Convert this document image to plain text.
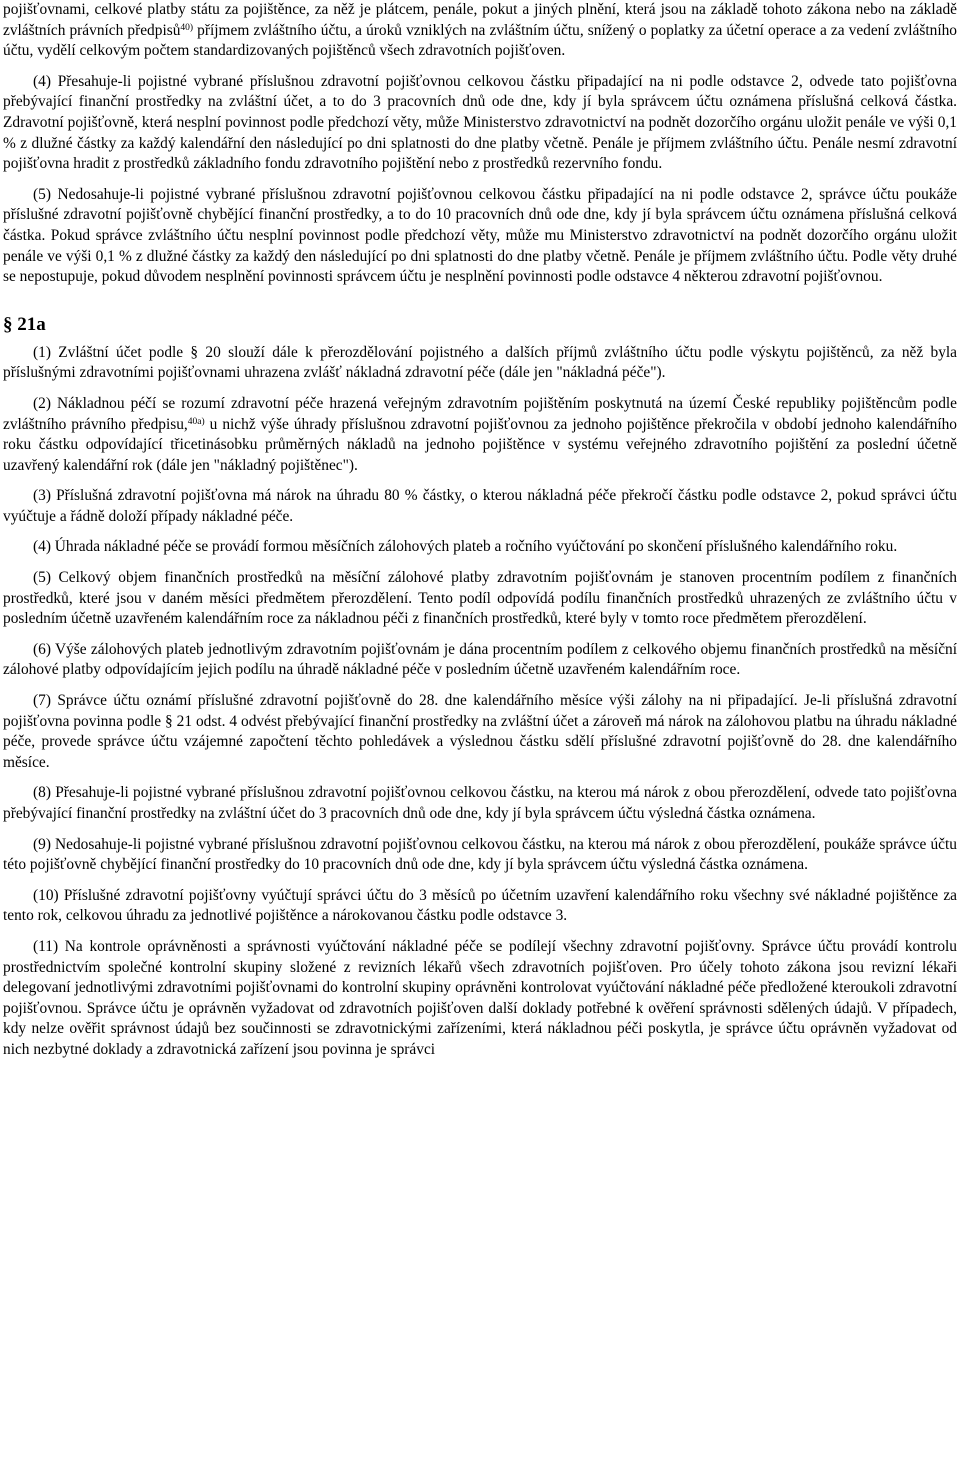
pojišťovnami, celkové platby státu za pojištěnce, za něž je plátcem, penále, pokut a jiných plnění, která jsou na základě tohoto zákona nebo na základě zvláštních právních předpisů$^{40)}$ příjmem zvláštního účtu, a úroků vzniklých na zvláštním účtu, snížený o poplatky za účetní operace a za vedení zvláštního účtu, vydělí celkovým počtem standardizovaných pojištěnců všech zdravotních pojišťoven.

(4) Přesahuje-li pojistné vybrané příslušnou zdravotní pojišťovnou celkovou částku připadající na ni podle odstavce 2, odvede tato pojišťovna přebývající finanční prostředky na zvláštní účet, a to do 3 pracovních dnů ode dne, kdy jí byla správcem účtu oznámena příslušná celková částka. Zdravotní pojišťovně, která nesplní povinnost podle předchozí věty, může Ministerstvo zdravotnictví na podnět dozorčího orgánu uložit penále ve výši 0,1 % z dlužné částky za každý kalendářní den následující po dni splatnosti do dne platby včetně. Penále je příjmem zvláštního účtu. Penále nesmí zdravotní pojišťovna hradit z prostředků základního fondu zdravotního pojištění nebo z prostředků rezervního fondu.

(5) Nedosahuje-li pojistné vybrané příslušnou zdravotní pojišťovnou celkovou částku připadající na ni podle odstavce 2, správce účtu poukáže příslušné zdravotní pojišťovně chybějící finanční prostředky, a to do 10 pracovních dnů ode dne, kdy jí byla správcem účtu oznámena příslušná celková částka. Pokud správce zvláštního účtu nesplní povinnost podle předchozí věty, může mu Ministerstvo zdravotnictví na podnět dozorčího orgánu uložit penále ve výši 0,1 % z dlužné částky za každý den následující po dni splatnosti do dne platby včetně. Penále je příjmem zvláštního účtu. Podle věty druhé se nepostupuje, pokud důvodem nesplnění povinnosti správcem účtu je nesplnění povinnosti podle odstavce 4 některou zdravotní pojišťovnou.

§ 21a

(1) Zvláštní účet podle § 20 slouží dále k přerozdělování pojistného a dalších příjmů zvláštního účtu podle výskytu pojištěnců, za něž byla příslušnými zdravotními pojišťovnami uhrazena zvlášť nákladná zdravotní péče (dále jen "nákladná péče").

(2) Nákladnou péčí se rozumí zdravotní péče hrazená veřejným zdravotním pojištěním poskytnutá na území České republiky pojištěncům podle zvláštního právního předpisu,$^{40a)}$ u nichž výše úhrady příslušnou zdravotní pojišťovnou za jednoho pojištěnce překročila v období jednoho kalendářního roku částku odpovídající třicetinásobku průměrných nákladů na jednoho pojištěnce v systému veřejného zdravotního pojištění za poslední účetně uzavřený kalendářní rok (dále jen "nákladný pojištěnec").

(3) Příslušná zdravotní pojišťovna má nárok na úhradu 80 % částky, o kterou nákladná péče překročí částku podle odstavce 2, pokud správci účtu vyúčtuje a řádně doloží případy nákladné péče.

(4) Úhrada nákladné péče se provádí formou měsíčních zálohových plateb a ročního vyúčtování po skončení příslušného kalendářního roku.

(5) Celkový objem finančních prostředků na měsíční zálohové platby zdravotním pojišťovnám je stanoven procentním podílem z finančních prostředků, které jsou v daném měsíci předmětem přerozdělení. Tento podíl odpovídá podílu finančních prostředků uhrazených ze zvláštního účtu v posledním účetně uzavřeném kalendářním roce za nákladnou péči z finančních prostředků, které byly v tomto roce předmětem přerozdělení.

(6) Výše zálohových plateb jednotlivým zdravotním pojišťovnám je dána procentním podílem z celkového objemu finančních prostředků na měsíční zálohové platby odpovídajícím jejich podílu na úhradě nákladné péče v posledním účetně uzavřeném kalendářním roce.

(7) Správce účtu oznámí příslušné zdravotní pojišťovně do 28. dne kalendářního měsíce výši zálohy na ni připadající. Je-li příslušná zdravotní pojišťovna povinna podle § 21 odst. 4 odvést přebývající finanční prostředky na zvláštní účet a zároveň má nárok na zálohovou platbu na úhradu nákladné péče, provede správce účtu vzájemné započtení těchto pohledávek a výslednou částku sdělí příslušné zdravotní pojišťovně do 28. dne kalendářního měsíce.

(8) Přesahuje-li pojistné vybrané příslušnou zdravotní pojišťovnou celkovou částku, na kterou má nárok z obou přerozdělení, odvede tato pojišťovna přebývající finanční prostředky na zvláštní účet do 3 pracovních dnů ode dne, kdy jí byla správcem účtu výsledná částka oznámena.

(9) Nedosahuje-li pojistné vybrané příslušnou zdravotní pojišťovnou celkovou částku, na kterou má nárok z obou přerozdělení, poukáže správce účtu této pojišťovně chybějící finanční prostředky do 10 pracovních dnů ode dne, kdy jí byla správcem účtu výsledná částka oznámena.

(10) Příslušné zdravotní pojišťovny vyúčtují správci účtu do 3 měsíců po účetním uzavření kalendářního roku všechny své nákladné pojištěnce za tento rok, celkovou úhradu za jednotlivé pojištěnce a nárokovanou částku podle odstavce 3.

(11) Na kontrole oprávněnosti a správnosti vyúčtování nákladné péče se podílejí všechny zdravotní pojišťovny. Správce účtu provádí kontrolu prostřednictvím společné kontrolní skupiny složené z revizních lékařů všech zdravotních pojišťoven. Pro účely tohoto zákona jsou revizní lékaři delegovaní jednotlivými zdravotními pojišťovnami do kontrolní skupiny oprávněni kontrolovat vyúčtování nákladné péče předložené kteroukoli zdravotní pojišťovnou. Správce účtu je oprávněn vyžadovat od zdravotních pojišťoven další doklady potřebné k ověření správnosti sdělených údajů. V případech, kdy nelze ověřit správnost údajů bez součinnosti se zdravotnickými zařízeními, která nákladnou péči poskytla, je správce účtu oprávněn vyžadovat od nich nezbytné doklady a zdravotnická zařízení jsou povinna je správci
